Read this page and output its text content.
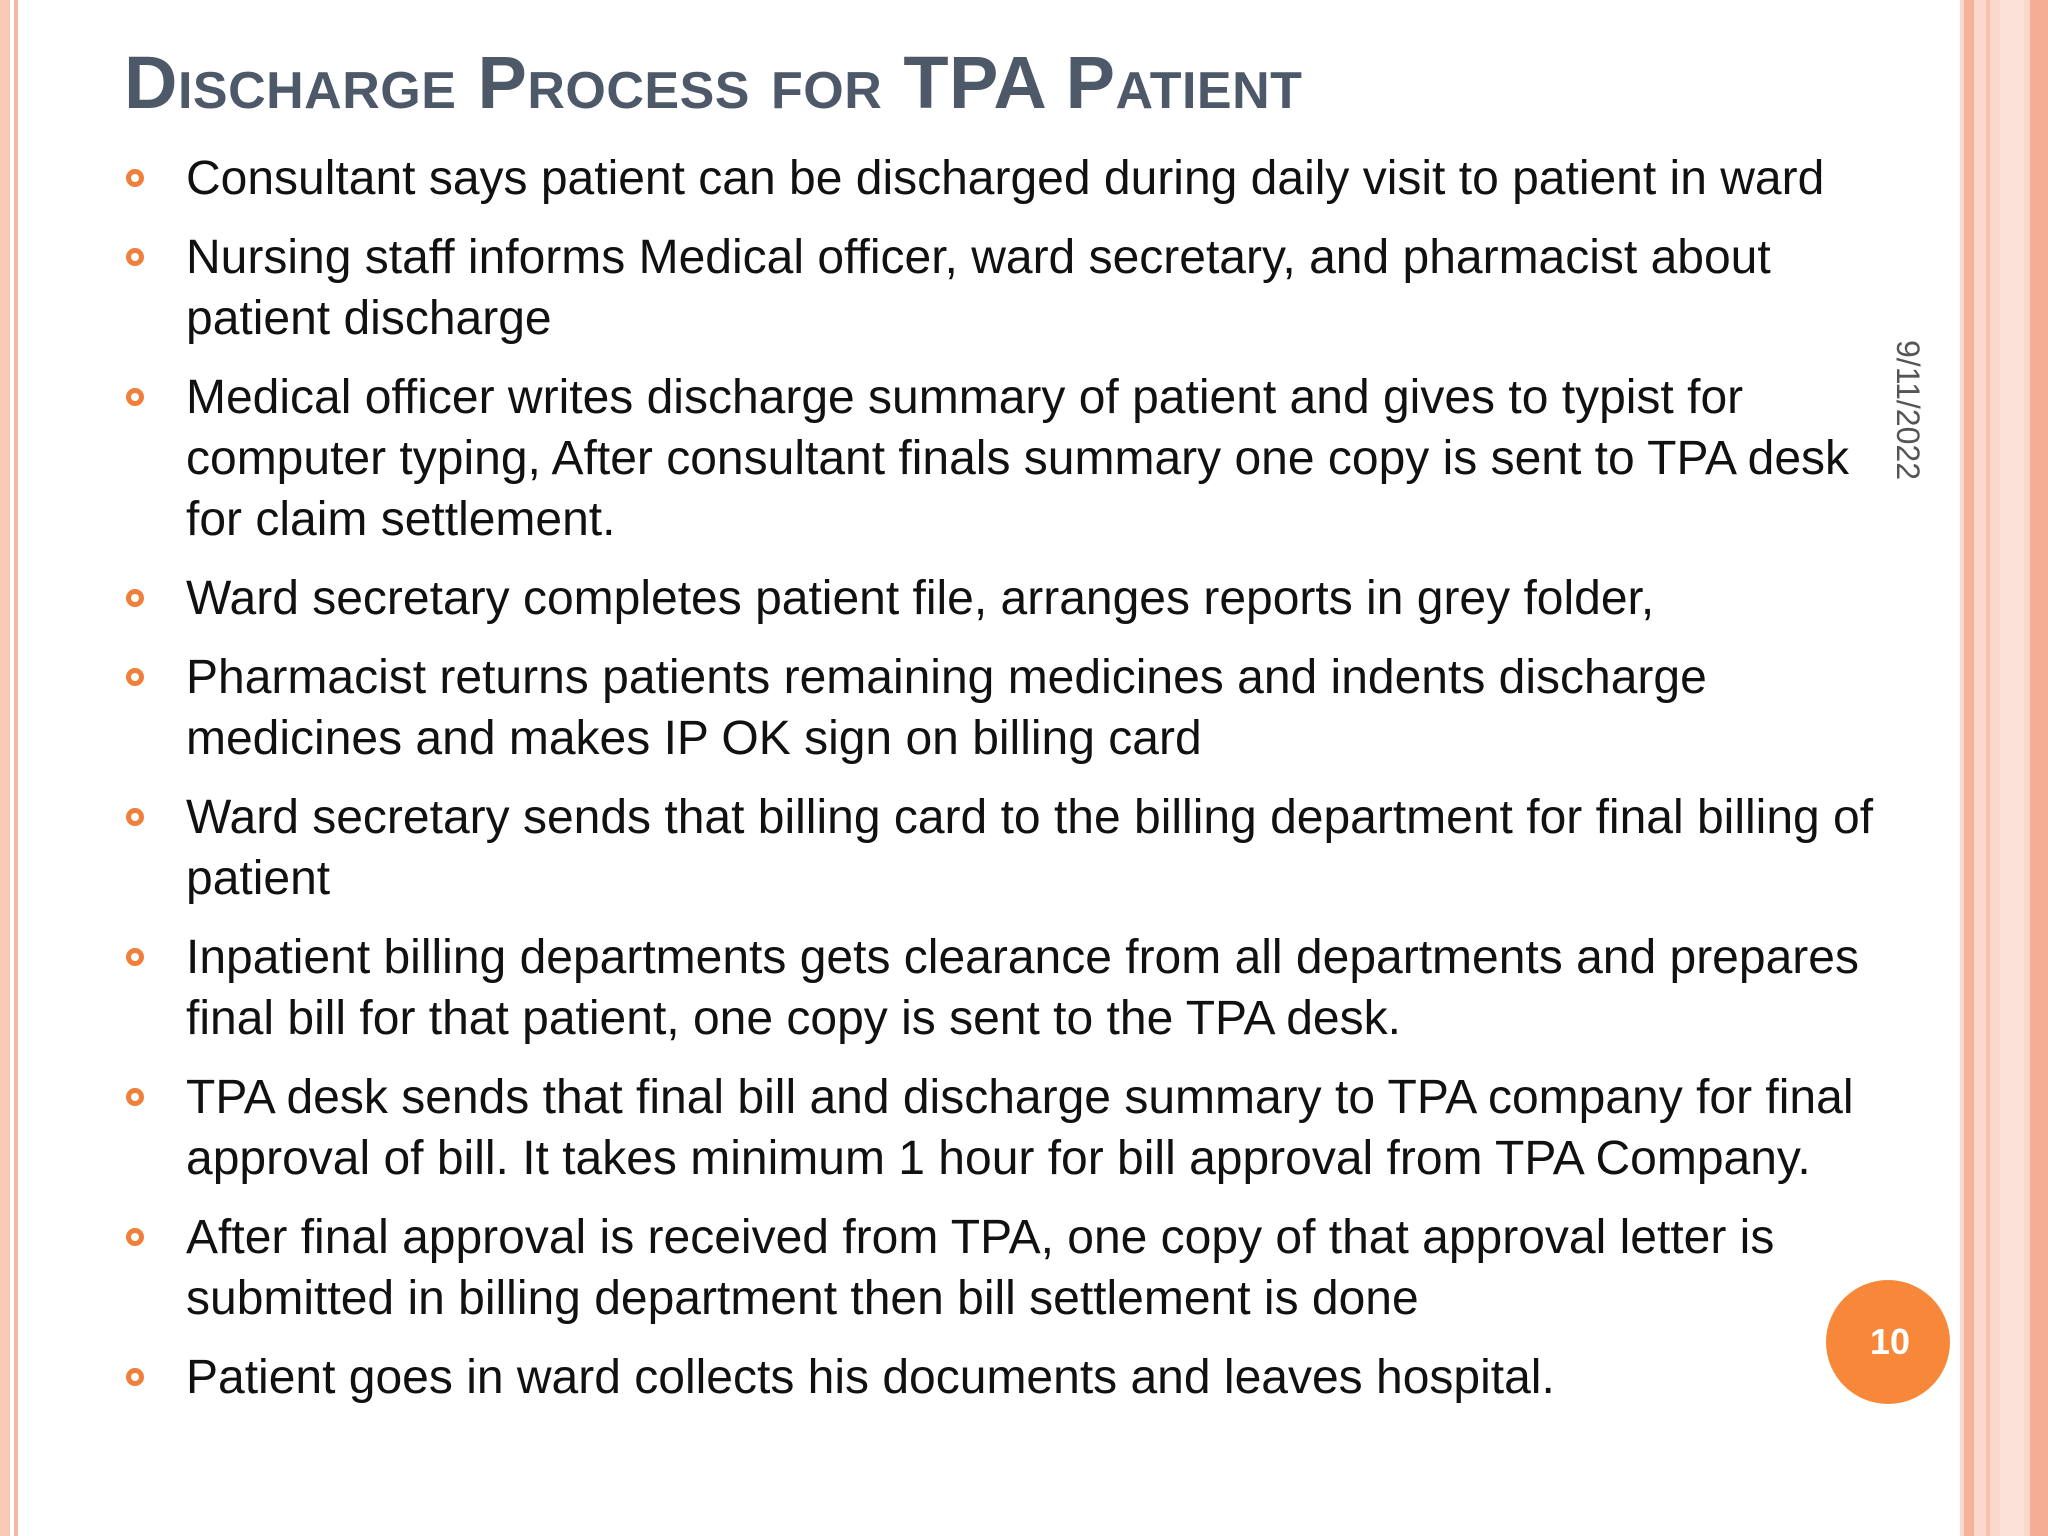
Discharge Process for TPA Patient
Consultant says patient can be discharged during daily visit to patient in ward
Nursing staff informs Medical officer, ward secretary, and pharmacist about patient discharge
Medical officer writes discharge summary of patient and gives to typist for computer typing, After consultant finals summary one copy is sent to TPA desk for claim settlement.
Ward secretary completes patient file, arranges reports in grey folder,
Pharmacist returns patients remaining medicines and indents discharge medicines and makes IP OK sign on billing card
Ward secretary sends that billing card to the billing department for final billing of patient
Inpatient billing departments gets clearance from all departments and prepares final bill for that patient, one copy is sent to the TPA desk.
TPA desk sends that final bill and discharge summary to TPA company for final approval of bill. It takes minimum 1 hour for bill approval from TPA Company.
After final approval is received from TPA, one copy of that approval letter is submitted in billing department then bill settlement is done
Patient goes in ward collects his documents and leaves hospital.
9/11/2022
10
